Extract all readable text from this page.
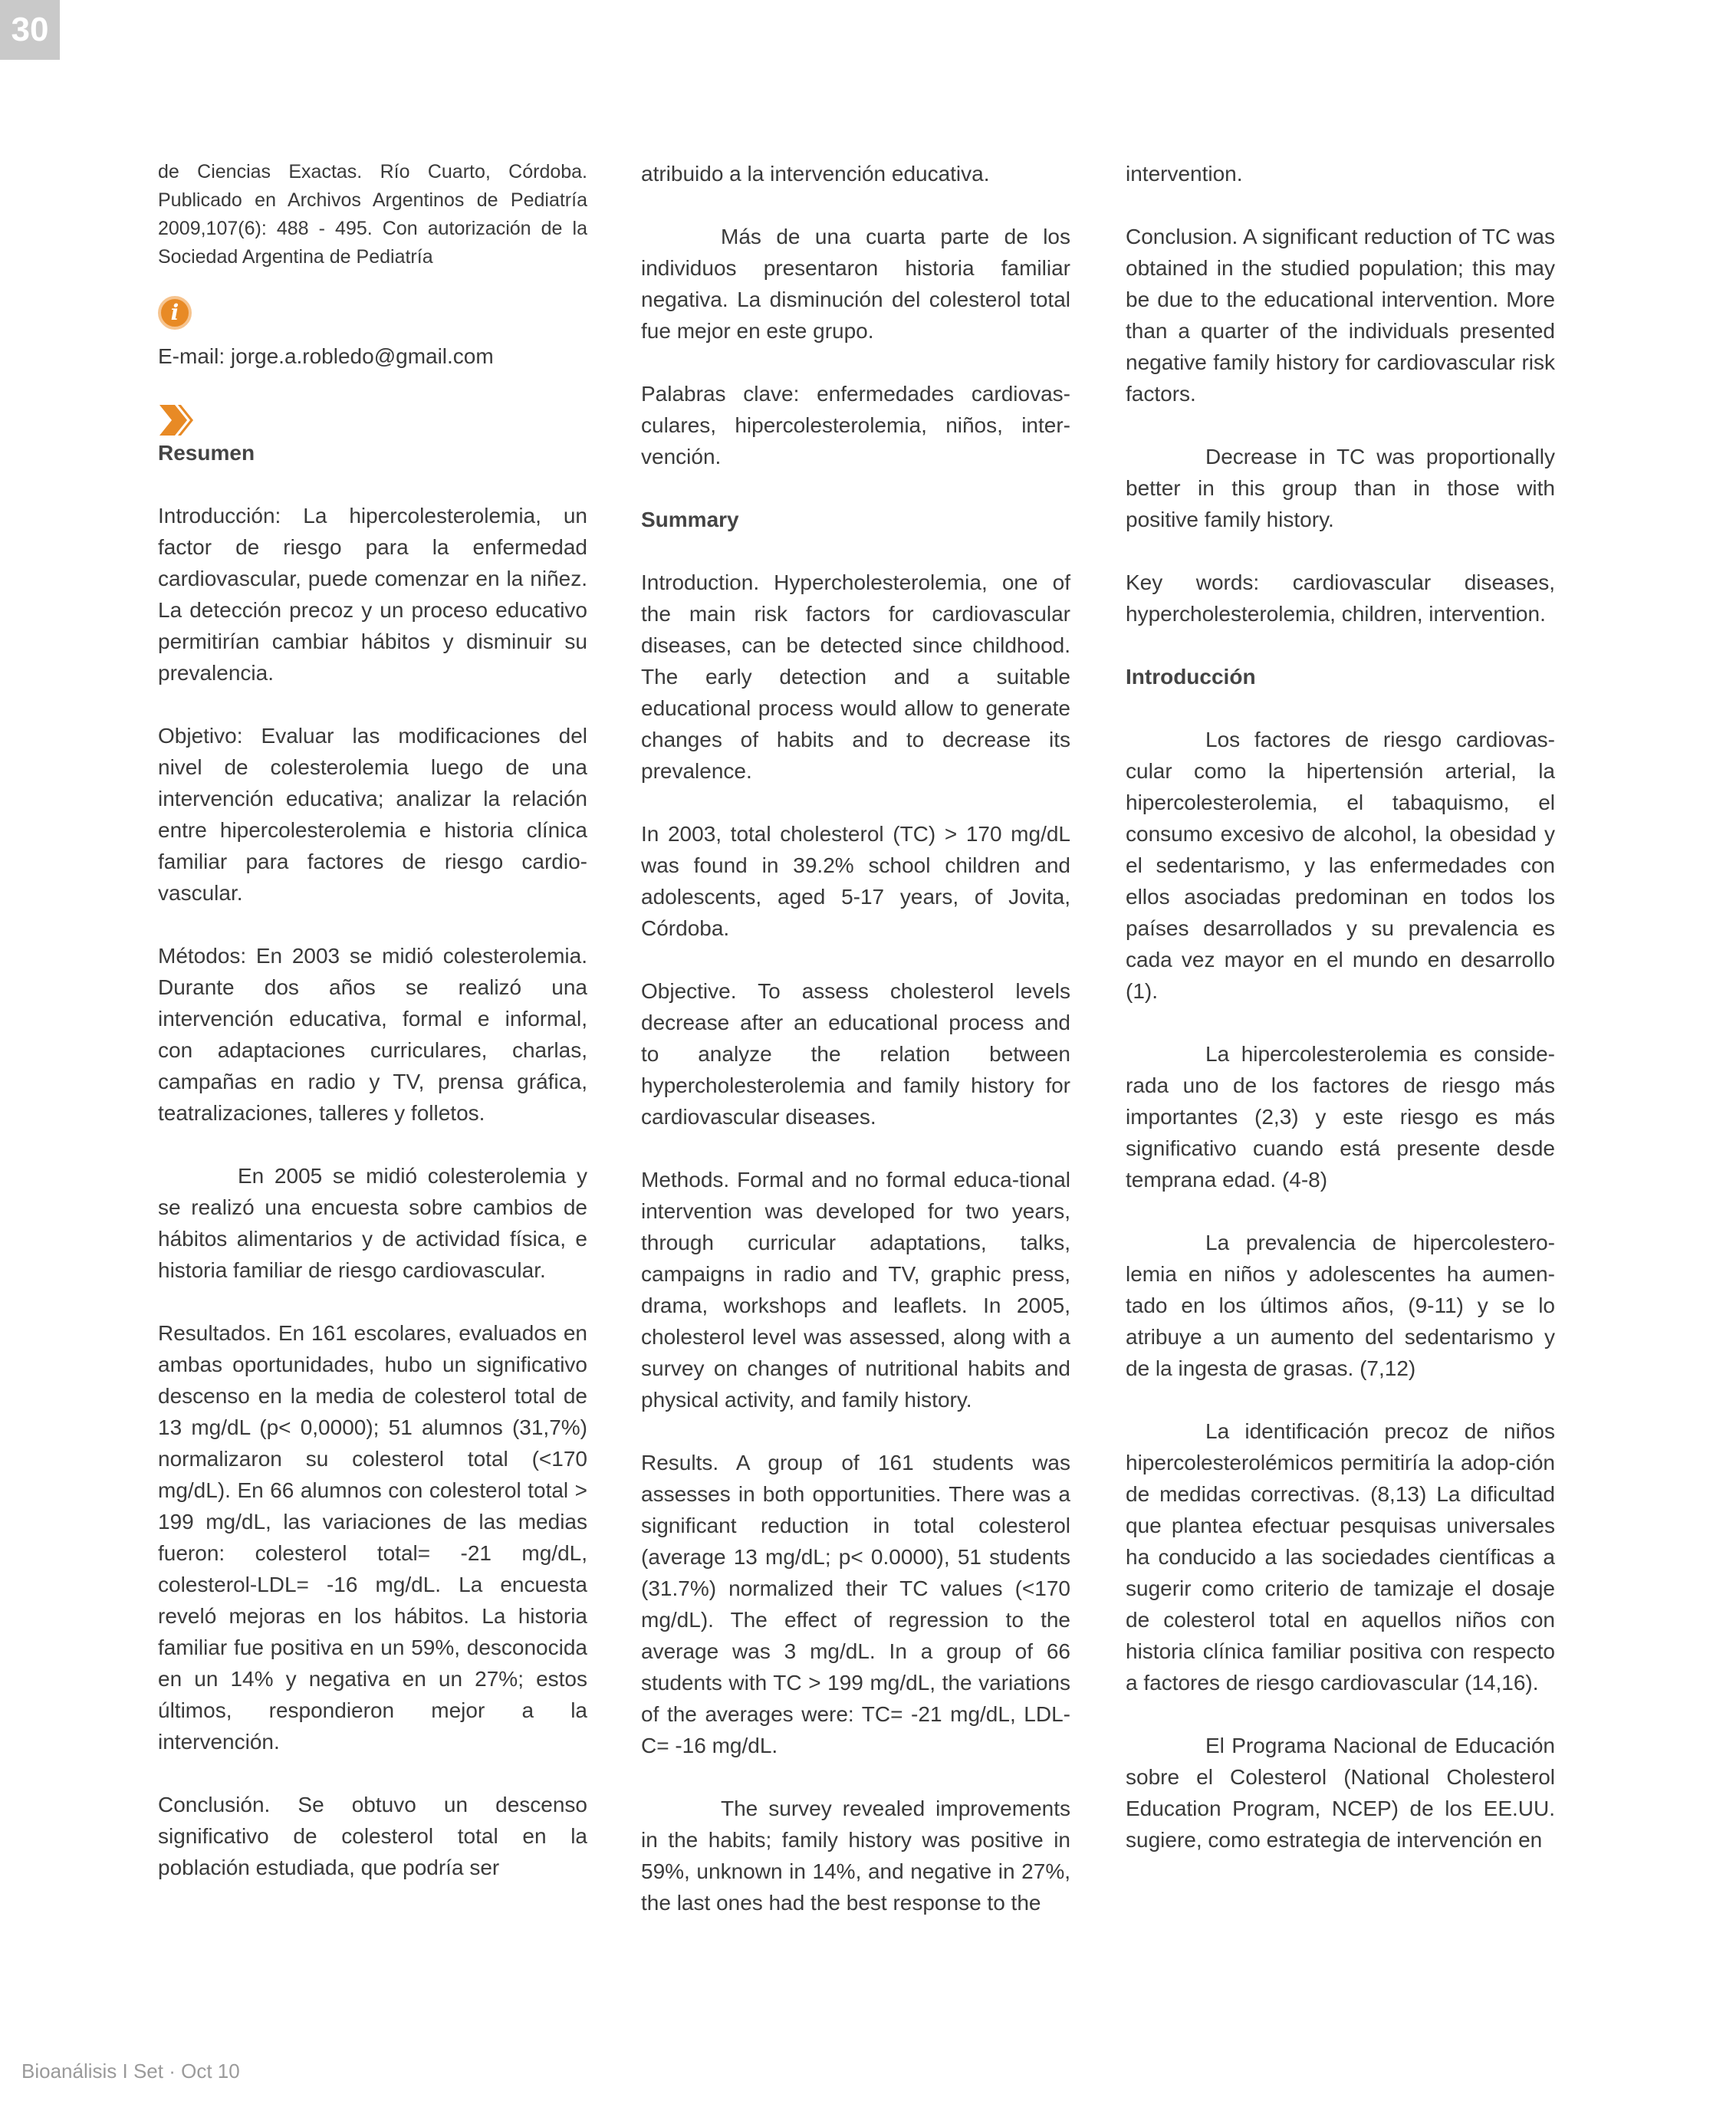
30

de Ciencias Exactas. Río Cuarto, Córdoba. Publicado en Archivos Argentinos de Pediatría 2009,107(6): 488 - 495. Con autorización de la Sociedad Argentina de Pediatría

i

E-mail: jorge.a.robledo@gmail.com

Resumen

Introducción: La hipercolesterolemia, un factor de riesgo para la enfermedad cardiovascular, puede comenzar en la niñez. La detección precoz y un proceso educativo permitirían cambiar hábitos y disminuir su prevalencia.

Objetivo: Evaluar las modificaciones del nivel de colesterolemia luego de una intervención educativa; analizar la relación entre hipercolesterolemia e historia clínica familiar para factores de riesgo cardio-vascular.

Métodos: En 2003 se midió colesterolemia. Durante dos años se realizó una intervención educativa, formal e informal, con adaptaciones curriculares, charlas, campañas en radio y TV, prensa gráfica, teatralizaciones, talleres y folletos.

En 2005 se midió colesterolemia y se realizó una encuesta sobre cambios de hábitos alimentarios y de actividad física, e historia familiar de riesgo cardiovascular.

Resultados. En 161 escolares, evaluados en ambas oportunidades, hubo un significativo descenso en la media de colesterol total de 13 mg/dL (p< 0,0000); 51 alumnos (31,7%) normalizaron su colesterol total (<170 mg/dL). En 66 alumnos con colesterol total > 199 mg/dL, las variaciones de las medias fueron: colesterol total= -21 mg/dL, colesterol-LDL= -16 mg/dL. La encuesta reveló mejoras en los hábitos. La historia familiar fue positiva en un 59%, desconocida en un 14% y negativa en un 27%; estos últimos, respondieron mejor a la intervención.

Conclusión. Se obtuvo un descenso significativo de colesterol total en la población estudiada, que podría ser

atribuido a la intervención educativa.

Más de una cuarta parte de los individuos presentaron historia familiar negativa. La disminución del colesterol total fue mejor en este grupo.

Palabras clave: enfermedades cardiovas-culares, hipercolesterolemia, niños, inter-vención.

Summary

Introduction. Hypercholesterolemia, one of the main risk factors for cardiovascular diseases, can be detected since childhood. The early detection and a suitable educational process would allow to generate changes of habits and to decrease its prevalence.

In 2003, total cholesterol (TC) > 170 mg/dL was found in 39.2% school children and adolescents, aged 5-17 years, of Jovita, Córdoba.

Objective. To assess cholesterol levels decrease after an educational process and to analyze the relation between hypercholesterolemia and family history for cardiovascular diseases.

Methods. Formal and no formal educa-tional intervention was developed for two years, through curricular adaptations, talks, campaigns in radio and TV, graphic press, drama, workshops and leaflets. In 2005, cholesterol level was assessed, along with a survey on changes of nutritional habits and physical activity, and family history.

Results. A group of 161 students was assesses in both opportunities. There was a significant reduction in total colesterol (average 13 mg/dL; p< 0.0000), 51 students (31.7%) normalized their TC values (<170 mg/dL). The effect of regression to the average was 3 mg/dL. In a group of 66 students with TC > 199 mg/dL, the variations of the averages were: TC= -21 mg/dL, LDL-C= -16 mg/dL.

The survey revealed improvements in the habits; family history was positive in 59%, unknown in 14%, and negative in 27%, the last ones had the best response to the

intervention.

Conclusion. A significant reduction of TC was obtained in the studied population; this may be due to the educational intervention. More than a quarter of the individuals presented negative family history for cardiovascular risk factors.

Decrease in TC was proportionally better in this group than in those with positive family history.

Key words: cardiovascular diseases, hypercholesterolemia, children, intervention.

Introducción

Los factores de riesgo cardiovas-cular como la hipertensión arterial, la hipercolesterolemia, el tabaquismo, el consumo excesivo de alcohol, la obesidad y el sedentarismo, y las enfermedades con ellos asociadas predominan en todos los países desarrollados y su prevalencia es cada vez mayor en el mundo en desarrollo (1).

La hipercolesterolemia es conside-rada uno de los factores de riesgo más importantes (2,3) y este riesgo es más significativo cuando está presente desde temprana edad. (4-8)

La prevalencia de hipercolestero-lemia en niños y adolescentes ha aumen-tado en los últimos años, (9-11) y se lo atribuye a un aumento del sedentarismo y de la ingesta de grasas. (7,12)

La identificación precoz de niños hipercolesterolémicos permitiría la adop-ción de medidas correctivas. (8,13) La dificultad que plantea efectuar pesquisas universales ha conducido a las sociedades científicas a sugerir como criterio de tamizaje el dosaje de colesterol total en aquellos niños con historia clínica familiar positiva con respecto a factores de riesgo cardiovascular (14,16).

El Programa Nacional de Educación sobre el Colesterol (National Cholesterol Education Program, NCEP) de los EE.UU. sugiere, como estrategia de intervención en

Bioanálisis I Set · Oct 10
